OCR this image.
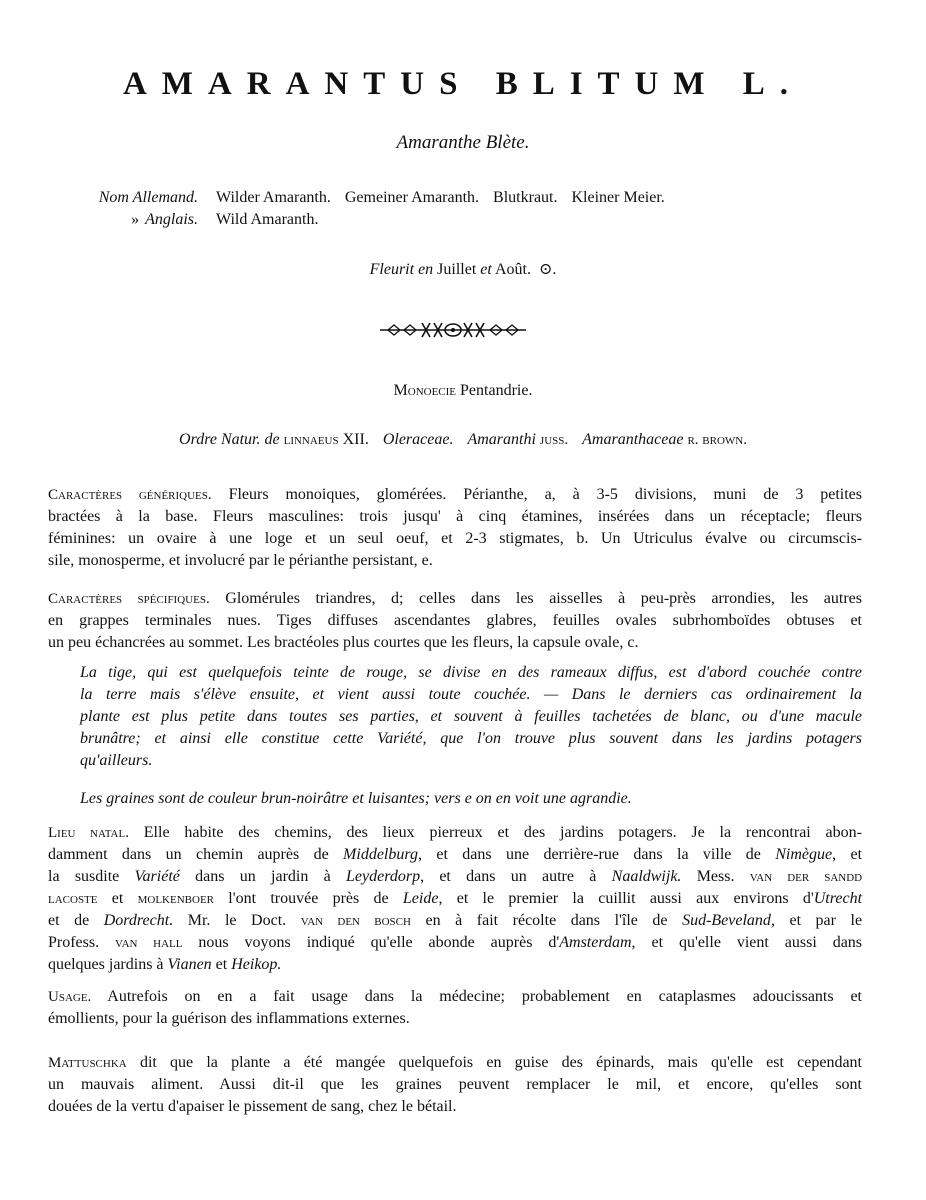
AMARANTUS BLITUM L.
Amaranthe Blète.
Nom Allemand. Wilder Amaranth. Gemeiner Amaranth. Blutkraut. Kleiner Meier.
» Anglais. Wild Amaranth.
Fleurit en Juillet et Août. ⊙.
Monoecie Pentandrie.
Ordre Natur. de linnaeus XII. Oleraceae. Amaranthi juss. Amaranthaceae r. brown.
Caractères génériques. Fleurs monoiques, glomérées. Périanthe, a, à 3-5 divisions, muni de 3 petites
bractées à la base. Fleurs masculines: trois jusqu' à cinq étamines, insérées dans un réceptacle; fleurs
féminines: un ovaire à une loge et un seul oeuf, et 2-3 stigmates, b. Un Utriculus évalve ou circumscis-
sile, monosperme, et involucré par le périanthe persistant, e.
Caractères spécifiques. Glomérules triandres, d; celles dans les aisselles à peu-près arrondies, les autres
en grappes terminales nues. Tiges diffuses ascendantes glabres, feuilles ovales subrhomboïdes obtuses et
un peu échancrées au sommet. Les bractéoles plus courtes que les fleurs, la capsule ovale, c.
La tige, qui est quelquefois teinte de rouge, se divise en des rameaux diffus, est d'abord couchée contre
la terre mais s'élève ensuite, et vient aussi toute couchée. — Dans le derniers cas ordinairement la
plante est plus petite dans toutes ses parties, et souvent à feuilles tachetées de blanc, ou d'une macule
brunâtre; et ainsi elle constitue cette Variété, que l'on trouve plus souvent dans les jardins potagers
qu'ailleurs.
Les graines sont de couleur brun-noirâtre et luisantes; vers e on en voit une agrandie.
Lieu natal. Elle habite des chemins, des lieux pierreux et des jardins potagers. Je la rencontrai abon-
damment dans un chemin auprès de Middelburg, et dans une derrière-rue dans la ville de Nimègue, et
la susdite Variété dans un jardin à Leyderdorp, et dans un autre à Naaldwijk. Mess. van der sandd
lacoste et molkenboer l'ont trouvée près de Leide, et le premier la cuillit aussi aux environs d'Utrecht
et de Dordrecht. Mr. le Doct. van den bosch en à fait récolte dans l'île de Sud-Beveland, et par le
Profess. van hall nous voyons indiqué qu'elle abonde auprès d'Amsterdam, et qu'elle vient aussi dans
quelques jardins à Vianen et Heikop.
Usage. Autrefois on en a fait usage dans la médecine; probablement en cataplasmes adoucissants et
émollients, pour la guérison des inflammations externes.
Mattuschka dit que la plante a été mangée quelquefois en guise des épinards, mais qu'elle est cependant
un mauvais aliment. Aussi dit-il que les graines peuvent remplacer le mil, et encore, qu'elles sont
douées de la vertu d'apaiser le pissement de sang, chez le bétail.
